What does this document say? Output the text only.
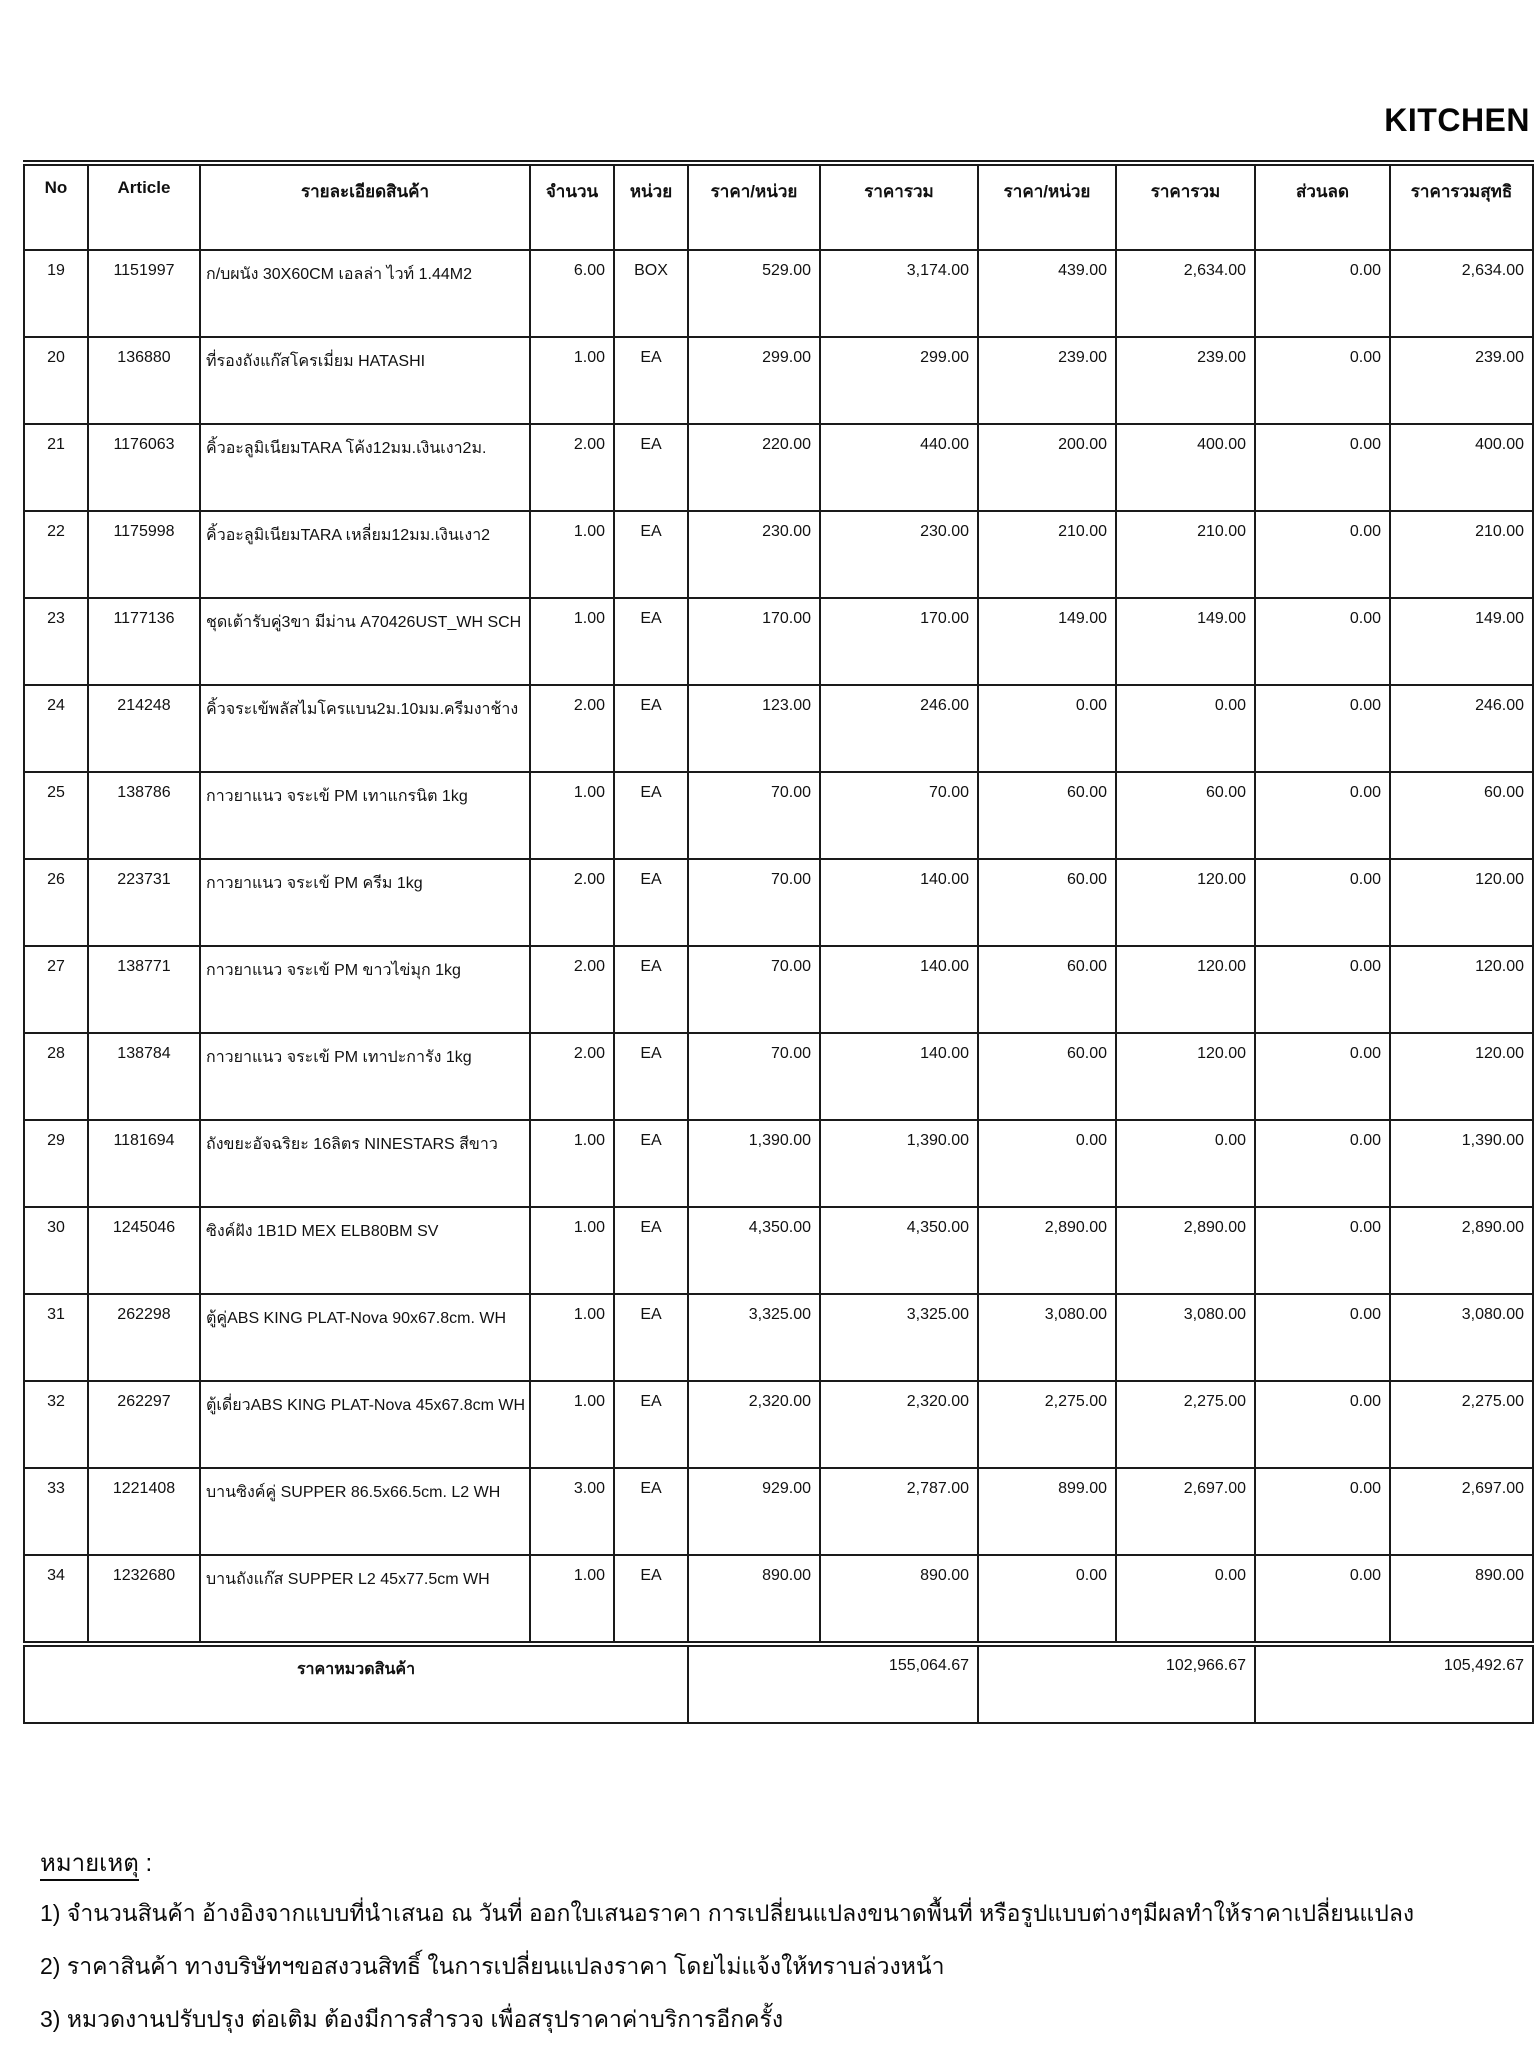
KITCHEN
No	Article	รายละเอียดสินค้า	จำนวน	หน่วย	ราคา/หน่วย	ราคารวม	ราคา/หน่วย	ราคารวม	ส่วนลด	ราคารวมสุทธิ
19	1151997	ก/บผนัง 30X60CM เอลล่า ไวท์ 1.44M2	6.00	BOX	529.00	3,174.00	439.00	2,634.00	0.00	2,634.00
20	136880	ที่รองถังแก๊สโครเมี่ยม HATASHI	1.00	EA	299.00	299.00	239.00	239.00	0.00	239.00
21	1176063	คิ้วอะลูมิเนียมTARA โค้ง12มม.เงินเงา2ม.	2.00	EA	220.00	440.00	200.00	400.00	0.00	400.00
22	1175998	คิ้วอะลูมิเนียมTARA เหลี่ยม12มม.เงินเงา2	1.00	EA	230.00	230.00	210.00	210.00	0.00	210.00
23	1177136	ชุดเต้ารับคู่3ขา มีม่าน A70426UST_WH SCH	1.00	EA	170.00	170.00	149.00	149.00	0.00	149.00
24	214248	คิ้วจระเข้พลัสไมโครแบน2ม.10มม.ครีมงาช้าง	2.00	EA	123.00	246.00	0.00	0.00	0.00	246.00
25	138786	กาวยาแนว จระเข้ PM เทาแกรนิต 1kg	1.00	EA	70.00	70.00	60.00	60.00	0.00	60.00
26	223731	กาวยาแนว จระเข้ PM ครีม 1kg	2.00	EA	70.00	140.00	60.00	120.00	0.00	120.00
27	138771	กาวยาแนว จระเข้ PM ขาวไข่มุก 1kg	2.00	EA	70.00	140.00	60.00	120.00	0.00	120.00
28	138784	กาวยาแนว จระเข้ PM เทาปะการัง 1kg	2.00	EA	70.00	140.00	60.00	120.00	0.00	120.00
29	1181694	ถังขยะอัจฉริยะ 16ลิตร NINESTARS สีขาว	1.00	EA	1,390.00	1,390.00	0.00	0.00	0.00	1,390.00
30	1245046	ซิงค์ฝัง 1B1D MEX ELB80BM SV	1.00	EA	4,350.00	4,350.00	2,890.00	2,890.00	0.00	2,890.00
31	262298	ตู้คู่ABS KING PLAT-Nova 90x67.8cm. WH	1.00	EA	3,325.00	3,325.00	3,080.00	3,080.00	0.00	3,080.00
32	262297	ตู้เดี่ยวABS KING PLAT-Nova 45x67.8cm WH	1.00	EA	2,320.00	2,320.00	2,275.00	2,275.00	0.00	2,275.00
33	1221408	บานซิงค์คู่ SUPPER 86.5x66.5cm. L2 WH	3.00	EA	929.00	2,787.00	899.00	2,697.00	0.00	2,697.00
34	1232680	บานถังแก๊ส SUPPER L2 45x77.5cm WH	1.00	EA	890.00	890.00	0.00	0.00	0.00	890.00
ราคาหมวดสินค้า					155,064.67		102,966.67		105,492.67	
หมายเหตุ :
1) จำนวนสินค้า อ้างอิงจากแบบที่นำเสนอ ณ วันที่ ออกใบเสนอราคา การเปลี่ยนแปลงขนาดพื้นที่ หรือรูปแบบต่างๆมีผลทำให้ราคาเปลี่ยนแปลง
2) ราคาสินค้า ทางบริษัทฯขอสงวนสิทธิ์ ในการเปลี่ยนแปลงราคา โดยไม่แจ้งให้ทราบล่วงหน้า
3) หมวดงานปรับปรุง ต่อเติม ต้องมีการสำรวจ เพื่อสรุปราคาค่าบริการอีกครั้ง
